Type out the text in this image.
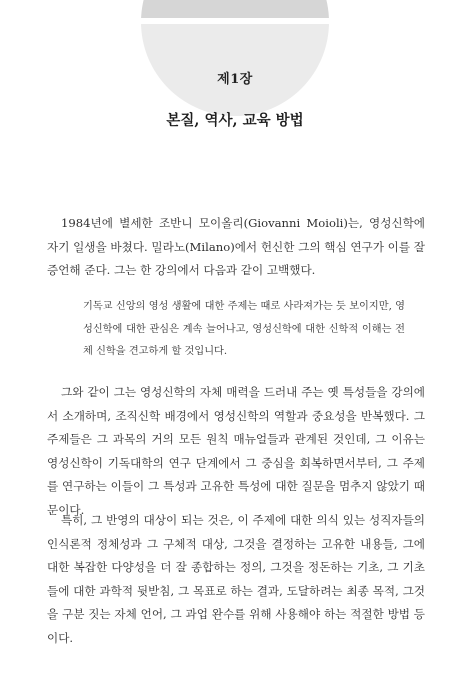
제1장
본질, 역사, 교육 방법
1984년에 별세한 조반니 모이올리(Giovanni Moioli)는, 영성신학에 자기 일생을 바쳤다. 밀라노(Milano)에서 헌신한 그의 핵심 연구가 이를 잘 증언해 준다. 그는 한 강의에서 다음과 같이 고백했다.
기독교 신앙의 영성 생활에 대한 주제는 때로 사라져가는 듯 보이지만, 영성신학에 대한 관심은 계속 늘어나고, 영성신학에 대한 신학적 이해는 전체 신학을 견고하게 할 것입니다.
그와 같이 그는 영성신학의 자체 매력을 드러내 주는 옛 특성들을 강의에서 소개하며, 조직신학 배경에서 영성신학의 역할과 중요성을 반복했다. 그 주제들은 그 과목의 거의 모든 원칙 매뉴얼들과 관계된 것인데, 그 이유는 영성신학이 기독대학의 연구 단계에서 그 중심을 회복하면서부터, 그 주제를 연구하는 이들이 그 특성과 고유한 특성에 대한 질문을 멈추지 않았기 때문이다.
특히, 그 반영의 대상이 되는 것은, 이 주제에 대한 의식 있는 성직자들의 인식론적 정체성과 그 구체적 대상, 그것을 결정하는 고유한 내용들, 그에 대한 복잡한 다양성을 더 잘 종합하는 정의, 그것을 정돈하는 기초, 그 기초들에 대한 과학적 뒷받침, 그 목표로 하는 결과, 도달하려는 최종 목적, 그것을 구분 짓는 자체 언어, 그 과업 완수를 위해 사용해야 하는 적절한 방법 등이다.
